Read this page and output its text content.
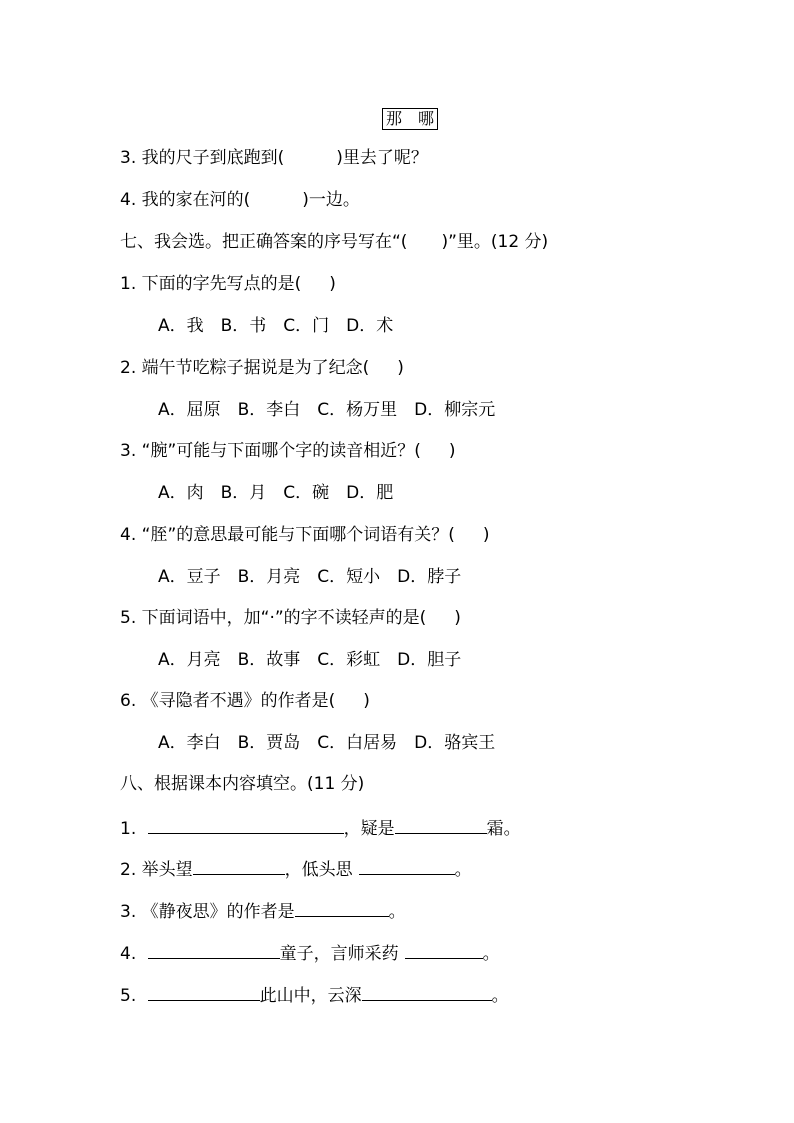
那　哪
3. 我的尺子到底跑到(	)里去了呢？
4. 我的家在河的(	)一边。
七、我会选。把正确答案的序号写在“(　　)”里。(12 分)
1. 下面的字先写点的是( )
A．我　B．书　C．门　D．术
2. 端午节吃粽子据说是为了纪念( )
A．屈原　B．李白　C．杨万里　D．柳宗元
3. “腕”可能与下面哪个字的读音相近？( )
A．肉　B．月　C．碗　D．肥
4. “胵”的意思最可能与下面哪个词语有关？( )
A．豆子　B．月亮　C．短小　D．脖子
5. 下面词语中，加“·”的字不读轻声的是( )
A．月亮　B．故事　C．彩虹　D．胆子
6. 《寻隐者不遇》的作者是( )
A．李白　B．贾岛　C．白居易　D．骆宾王
八、根据课本内容填空。(11 分)
1.	，疑是	霜。
2. 举头望	，低头思	。
3. 《静夜思》的作者是	。
4.	童子，言师采药	。
5.	此山中，云深	。
